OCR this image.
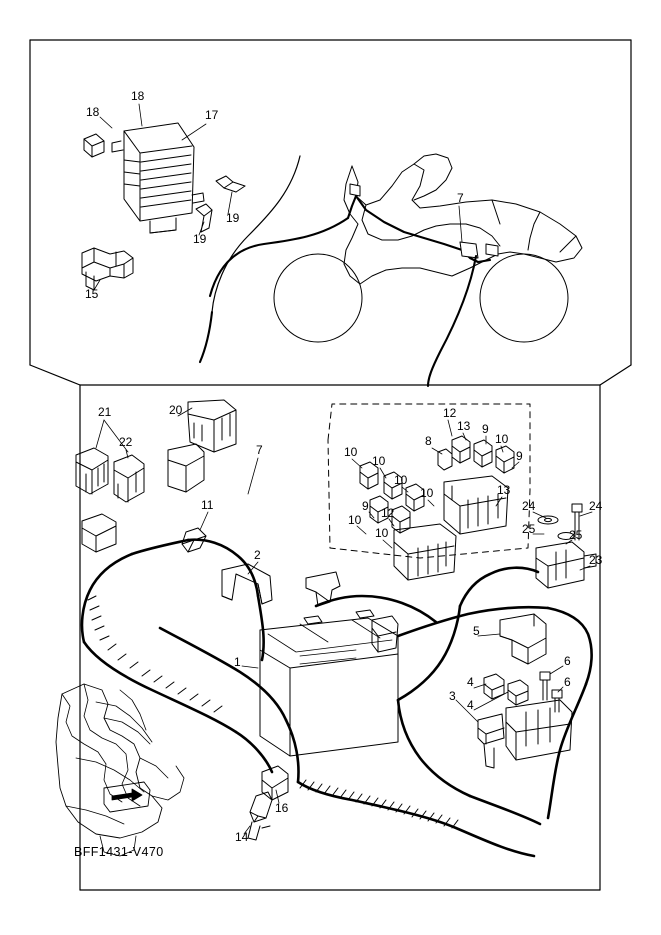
18
18
17
19
19
15
7
21
22
20
7
11
12
13 9
10
8
9
10
10
10
10	13
9 12
10
10
24	24
25	25
23
2
1
5
6
6
3
4
4
16
14
BFF1431-V470
